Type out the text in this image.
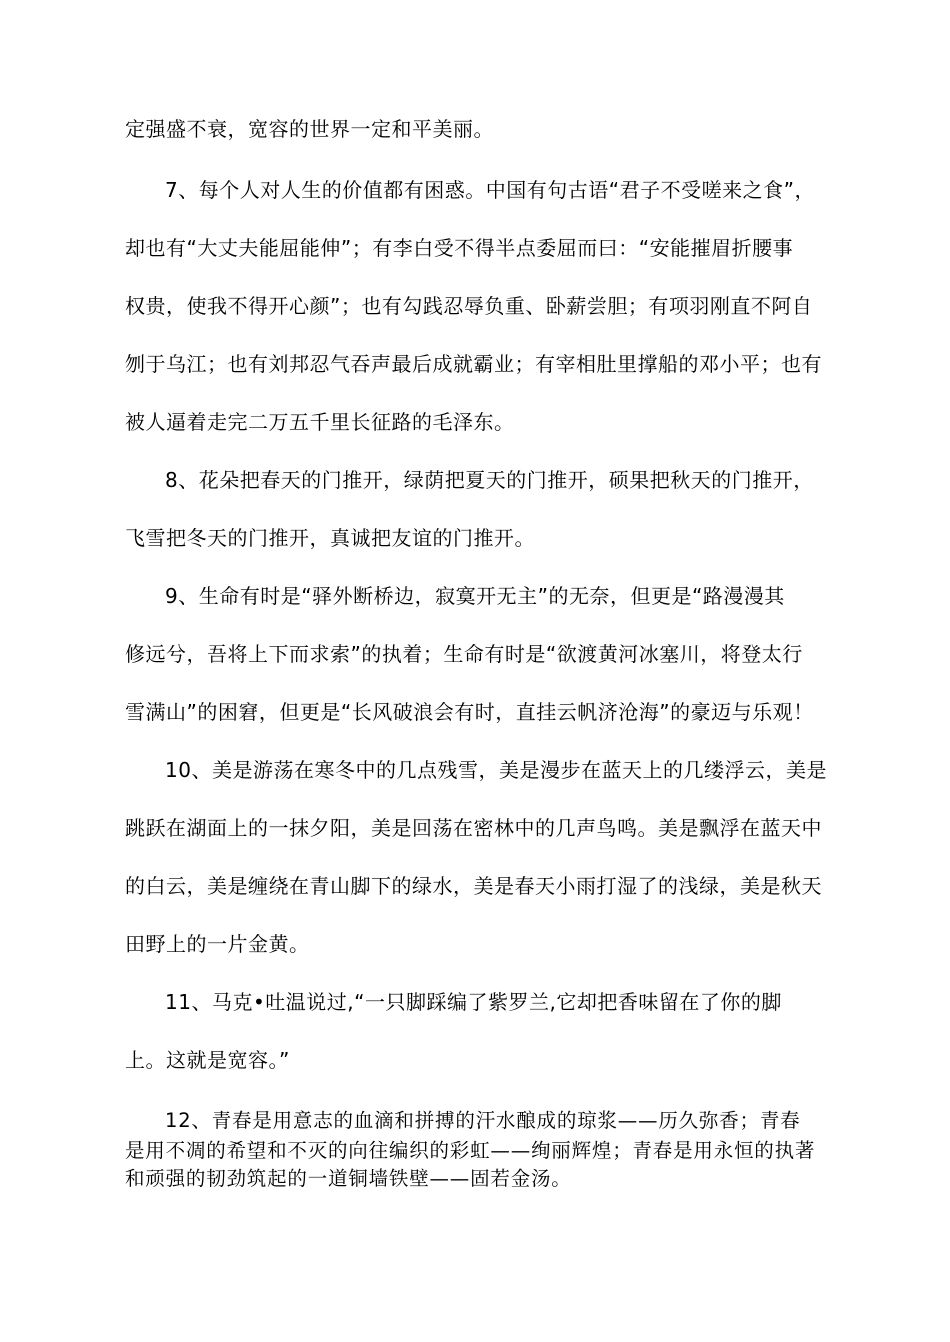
定强盛不衰，宽容的世界一定和平美丽。

7、每个人对人生的价值都有困惑。中国有句古语“君子不受嗟来之食”，

却也有“大丈夫能屈能伸”；有李白受不得半点委屈而曰：“安能摧眉折腰事

权贵，使我不得开心颜”；也有勾践忍辱负重、卧薪尝胆；有项羽刚直不阿自

刎于乌江；也有刘邦忍气吞声最后成就霸业；有宰相肚里撑船的邓小平；也有

被人逼着走完二万五千里长征路的毛泽东。

8、花朵把春天的门推开，绿荫把夏天的门推开，硕果把秋天的门推开，

飞雪把冬天的门推开，真诚把友谊的门推开。

9、生命有时是“驿外断桥边，寂寞开无主”的无奈，但更是“路漫漫其

修远兮，吾将上下而求索”的执着；生命有时是“欲渡黄河冰塞川，将登太行

雪满山”的困窘，但更是“长风破浪会有时，直挂云帆济沧海”的豪迈与乐观！

10、美是游荡在寒冬中的几点残雪，美是漫步在蓝天上的几缕浮云，美是

跳跃在湖面上的一抹夕阳，美是回荡在密林中的几声鸟鸣。美是飘浮在蓝天中

的白云，美是缠绕在青山脚下的绿水，美是春天小雨打湿了的浅绿，美是秋天

田野上的一片金黄。

11、马克•吐温说过,“一只脚踩编了紫罗兰,它却把香味留在了你的脚

上。这就是宽容。”

12、青春是用意志的血滴和拼搏的汗水酿成的琼浆——历久弥香；青春

是用不凋的希望和不灭的向往编织的彩虹——绚丽辉煌；青春是用永恒的执著

和顽强的韧劲筑起的一道铜墙铁壁——固若金汤。
